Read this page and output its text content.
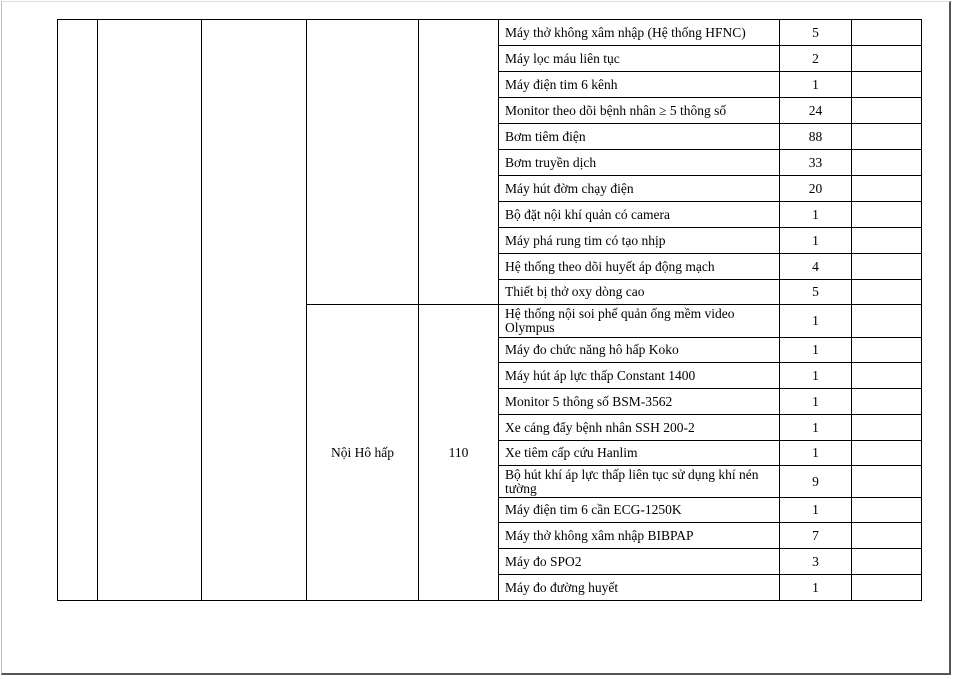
					Máy thở không xâm nhập (Hệ thống HFNC)	5	
					Máy lọc máu liên tục	2	
					Máy điện tim 6 kênh	1	
					Monitor theo dõi bệnh nhân ≥ 5 thông số	24	
					Bơm tiêm điện	88	
					Bơm truyền dịch	33	
					Máy hút đờm chạy điện	20	
					Bộ đặt nội khí quản có camera	1	
					Máy phá rung tim có tạo nhịp	1	
					Hệ thống theo dõi huyết áp động mạch	4	
					Thiết bị thở oxy dòng cao	5	
			Nội Hô hấp	110	Hệ thống nội soi phế quản ống mềm video Olympus	1	
					Máy đo chức năng hô hấp Koko	1	
					Máy hút áp lực thấp Constant 1400	1	
					Monitor 5 thông số BSM-3562	1	
					Xe cáng đẩy bệnh nhân SSH 200-2	1	
					Xe tiêm cấp cứu Hanlim	1	
					Bộ hút khí áp lực thấp liên tục sử dụng khí nén tường	9	
					Máy điện tim 6 cần ECG-1250K	1	
					Máy thở không xâm nhập BIBPAP	7	
					Máy đo SPO2	3	
					Máy đo đường huyết	1	
